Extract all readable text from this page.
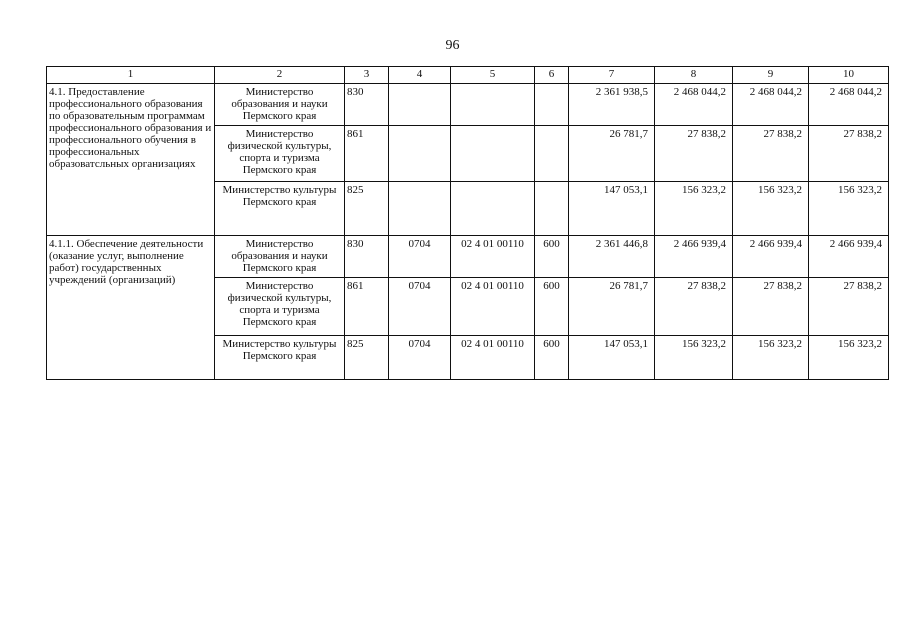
96
1	2	3	4	5	6	7	8	9	10
4.1. Предоставление профессионального образования по образовательным программам профессионального образования и профессионального обучения в профессиональных образоватсльных организациях	Министерство образования и науки Пермского края	830				2 361 938,5	2 468 044,2	2 468 044,2	2 468 044,2
	Министерство физической культуры, спорта и туризма Пермского края	861				26 781,7	27 838,2	27 838,2	27 838,2
	Министерство культуры Пермского края	825				147 053,1	156 323,2	156 323,2	156 323,2
4.1.1. Обеспечение деятельности (оказание услуг, выполнение работ) государственных учреждений (организаций)	Министерство образования и науки Пермского края	830	0704	02 4 01 00110	600	2 361 446,8	2 466 939,4	2 466 939,4	2 466 939,4
	Министерство физической культуры, спорта и туризма Пермского края	861	0704	02 4 01 00110	600	26 781,7	27 838,2	27 838,2	27 838,2
	Министерство культуры Пермского края	825	0704	02 4 01 00110	600	147 053,1	156 323,2	156 323,2	156 323,2
